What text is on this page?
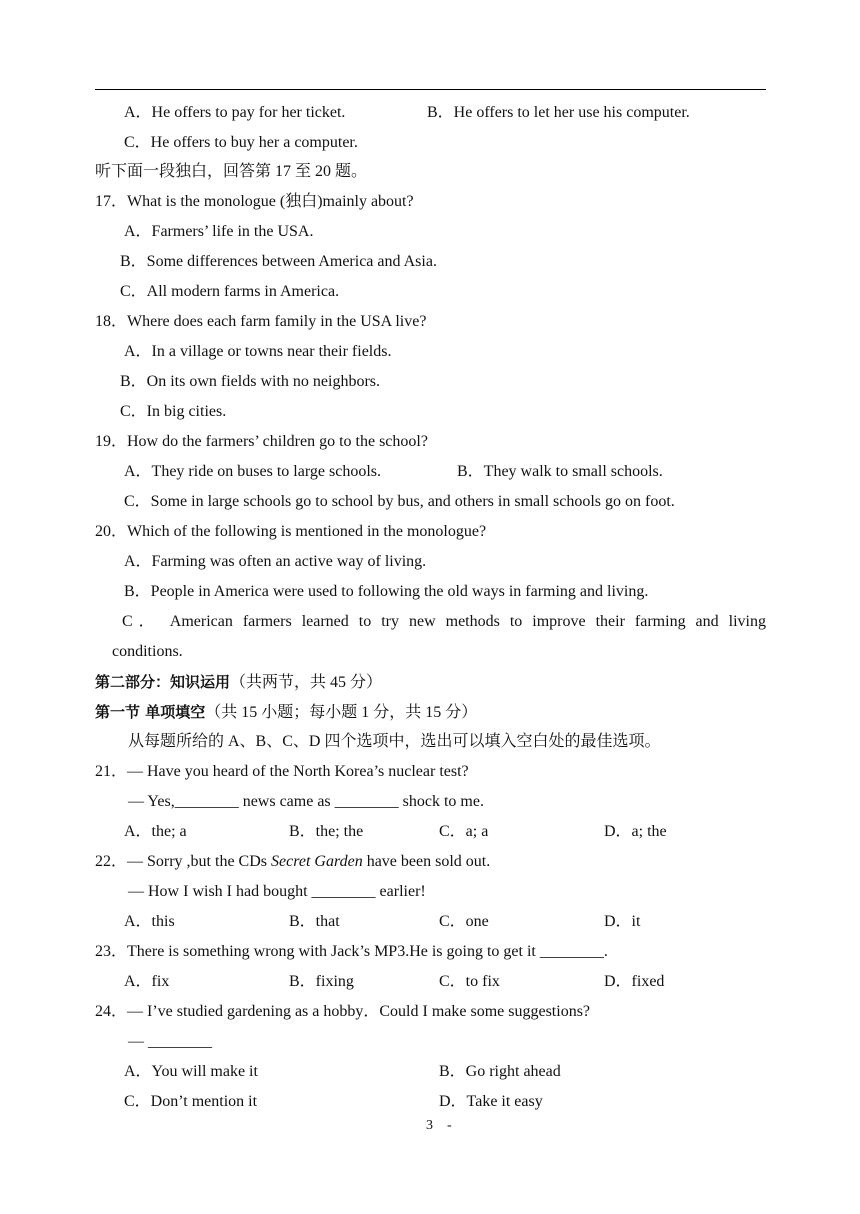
A．He offers to pay for her ticket.	B．He offers to let her use his computer.
C．He offers to buy her a computer.
听下面一段独白，回答第 17 至 20 题。
17．What is the monologue (独白)mainly about?
A．Farmers’ life in the USA.
B．Some differences between America and Asia.
C．All modern farms in America.
18．Where does each farm family in the USA live?
A．In a village or towns near their fields.
B．On its own fields with no neighbors.
C．In big cities.
19．How do the farmers’ children go to the school?
A．They ride on buses to large schools.	B．They walk to small schools.
C．Some in large schools go to school by bus, and others in small schools go on foot.
20．Which of the following is mentioned in the monologue?
A．Farming was often an active way of living.
B．People in America were used to following the old ways in farming and living.
C． American farmers learned to try new methods to improve their farming and living
conditions.
第二部分：知识运用（共两节，共 45 分）
第一节 单项填空（共 15 小题；每小题 1 分，共 15 分）
从每题所给的 A、B、C、D 四个选项中，选出可以填入空白处的最佳选项。
21．— Have you heard of the North Korea’s nuclear test?
— Yes,________ news came as ________ shock to me.
A．the; a	B．the; the	C．a; a	D．a; the
22．— Sorry ,but the CDs Secret Garden have been sold out.
— How I wish I had bought ________ earlier!
A．this	B．that	C．one	D．it
23．There is something wrong with Jack’s MP3.He is going to get it ________.
A．fix	B．fixing	C．to fix	D．fixed
24．— I’ve studied gardening as a hobby．Could I make some suggestions?
— ________
A．You will make it	B．Go right ahead
C．Don’t mention it	D．Take it easy
3　-
